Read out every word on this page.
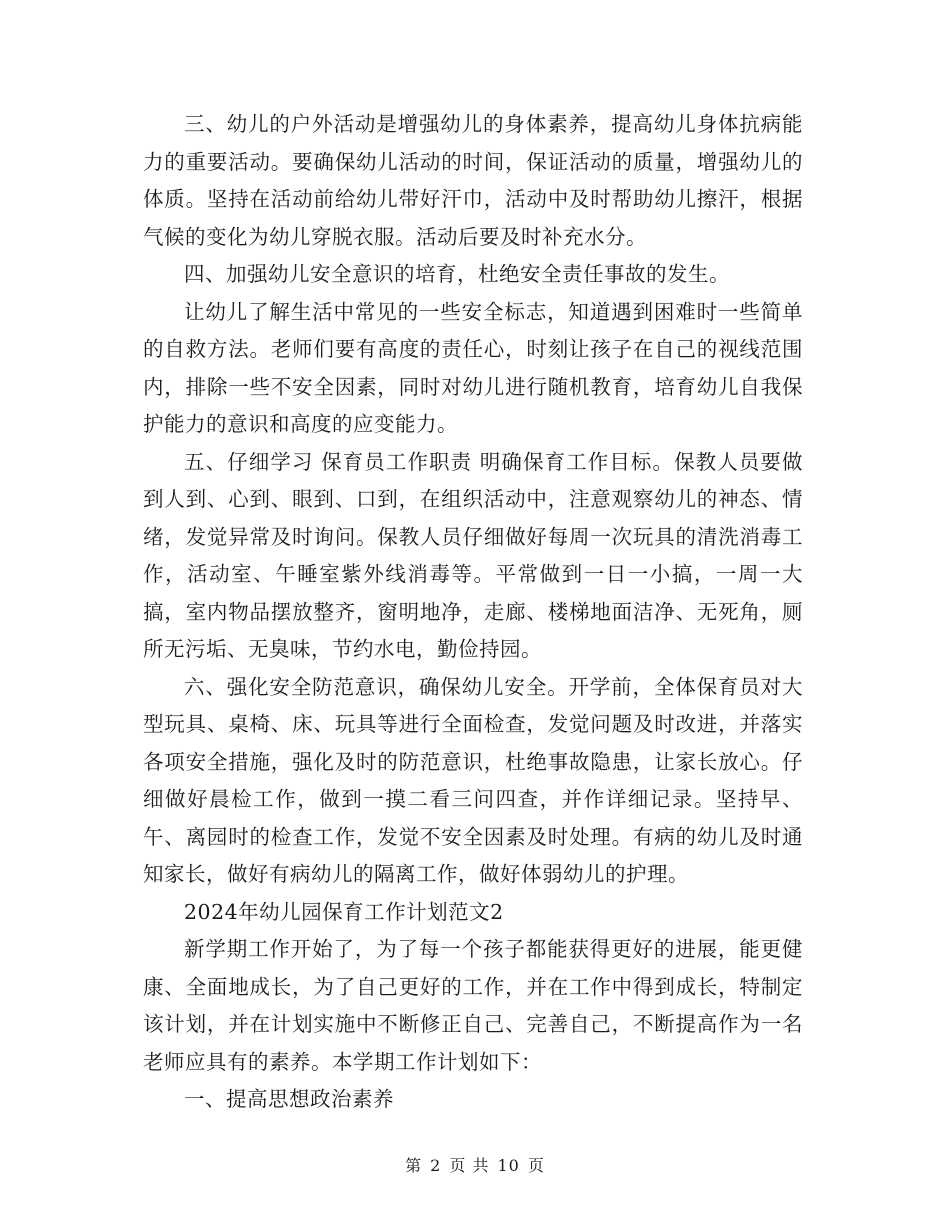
三、幼儿的户外活动是增强幼儿的身体素养，提高幼儿身体抗病能力的重要活动。要确保幼儿活动的时间，保证活动的质量，增强幼儿的体质。坚持在活动前给幼儿带好汗巾，活动中及时帮助幼儿擦汗，根据气候的变化为幼儿穿脱衣服。活动后要及时补充水分。

四、加强幼儿安全意识的培育，杜绝安全责任事故的发生。

让幼儿了解生活中常见的一些安全标志，知道遇到困难时一些简单的自救方法。老师们要有高度的责任心，时刻让孩子在自己的视线范围内，排除一些不安全因素，同时对幼儿进行随机教育，培育幼儿自我保护能力的意识和高度的应变能力。

五、仔细学习 保育员工作职责 明确保育工作目标。保教人员要做到人到、心到、眼到、口到，在组织活动中，注意观察幼儿的神态、情绪，发觉异常及时询问。保教人员仔细做好每周一次玩具的清洗消毒工作，活动室、午睡室紫外线消毒等。平常做到一日一小搞，一周一大搞，室内物品摆放整齐，窗明地净，走廊、楼梯地面洁净、无死角，厕所无污垢、无臭味，节约水电，勤俭持园。

六、强化安全防范意识，确保幼儿安全。开学前，全体保育员对大型玩具、桌椅、床、玩具等进行全面检查，发觉问题及时改进，并落实各项安全措施，强化及时的防范意识，杜绝事故隐患，让家长放心。仔细做好晨检工作，做到一摸二看三问四查，并作详细记录。坚持早、午、离园时的检查工作，发觉不安全因素及时处理。有病的幼儿及时通知家长，做好有病幼儿的隔离工作，做好体弱幼儿的护理。

2024年幼儿园保育工作计划范文2

新学期工作开始了，为了每一个孩子都能获得更好的进展，能更健康、全面地成长，为了自己更好的工作，并在工作中得到成长，特制定该计划，并在计划实施中不断修正自己、完善自己，不断提高作为一名老师应具有的素养。本学期工作计划如下：

一、提高思想政治素养

第 2 页 共 10 页
